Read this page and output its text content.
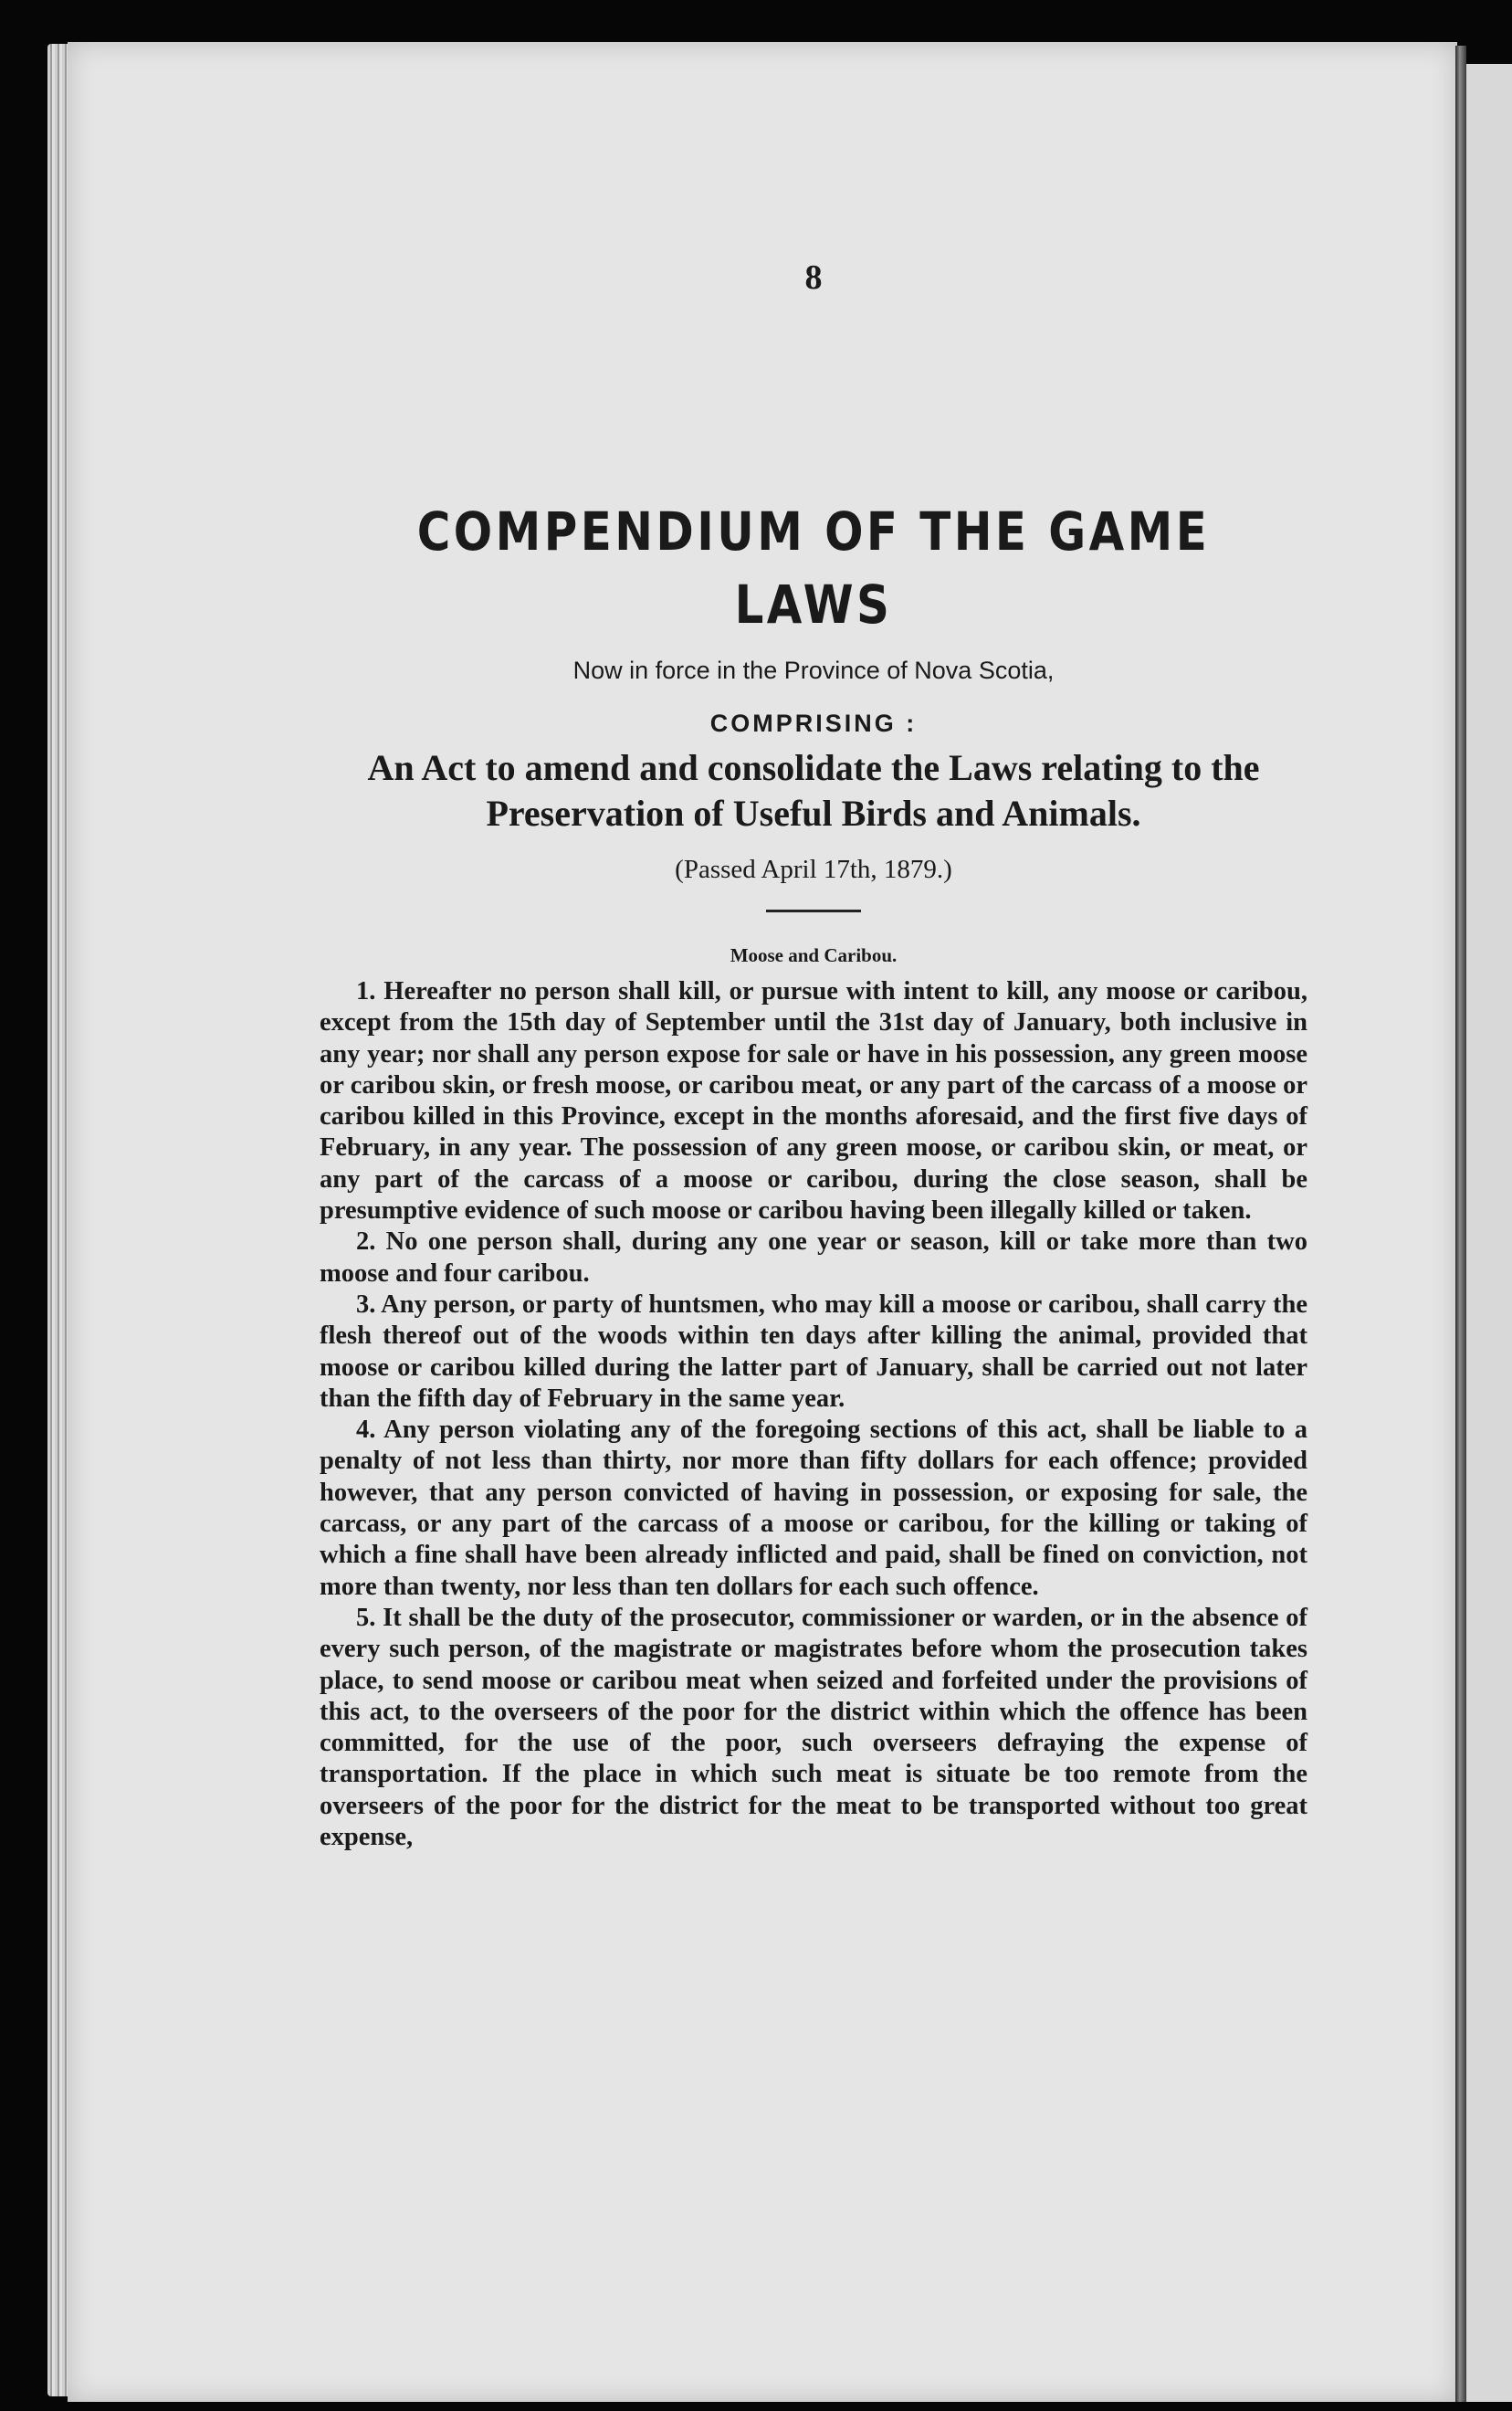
8
COMPENDIUM OF THE GAME LAWS
Now in force in the Province of Nova Scotia,
COMPRISING :
An Act to amend and consolidate the Laws relating to the Preservation of Useful Birds and Animals.
(Passed April 17th, 1879.)
Moose and Caribou.

1. Hereafter no person shall kill, or pursue with intent to kill, any moose or caribou, except from the 15th day of September until the 31st day of January, both inclusive in any year; nor shall any person expose for sale or have in his possession, any green moose or caribou skin, or fresh moose, or caribou meat, or any part of the carcass of a moose or caribou killed in this Province, except in the months aforesaid, and the first five days of February, in any year. The possession of any green moose, or caribou skin, or meat, or any part of the carcass of a moose or caribou, during the close season, shall be presumptive evidence of such moose or caribou having been illegally killed or taken.

2. No one person shall, during any one year or season, kill or take more than two moose and four caribou.

3. Any person, or party of huntsmen, who may kill a moose or caribou, shall carry the flesh thereof out of the woods within ten days after killing the animal, provided that moose or caribou killed during the latter part of January, shall be carried out not later than the fifth day of February in the same year.

4. Any person violating any of the foregoing sections of this act, shall be liable to a penalty of not less than thirty, nor more than fifty dollars for each offence; provided however, that any person convicted of having in possession, or exposing for sale, the carcass, or any part of the carcass of a moose or caribou, for the killing or taking of which a fine shall have been already inflicted and paid, shall be fined on conviction, not more than twenty, nor less than ten dollars for each such offence.

5. It shall be the duty of the prosecutor, commissioner or warden, or in the absence of every such person, of the magistrate or magistrates before whom the prosecution takes place, to send moose or caribou meat when seized and forfeited under the provisions of this act, to the overseers of the poor for the district within which the offence has been committed, for the use of the poor, such overseers defraying the expense of transportation. If the place in which such meat is situate be too remote from the overseers of the poor for the district for the meat to be transported without too great expense,
